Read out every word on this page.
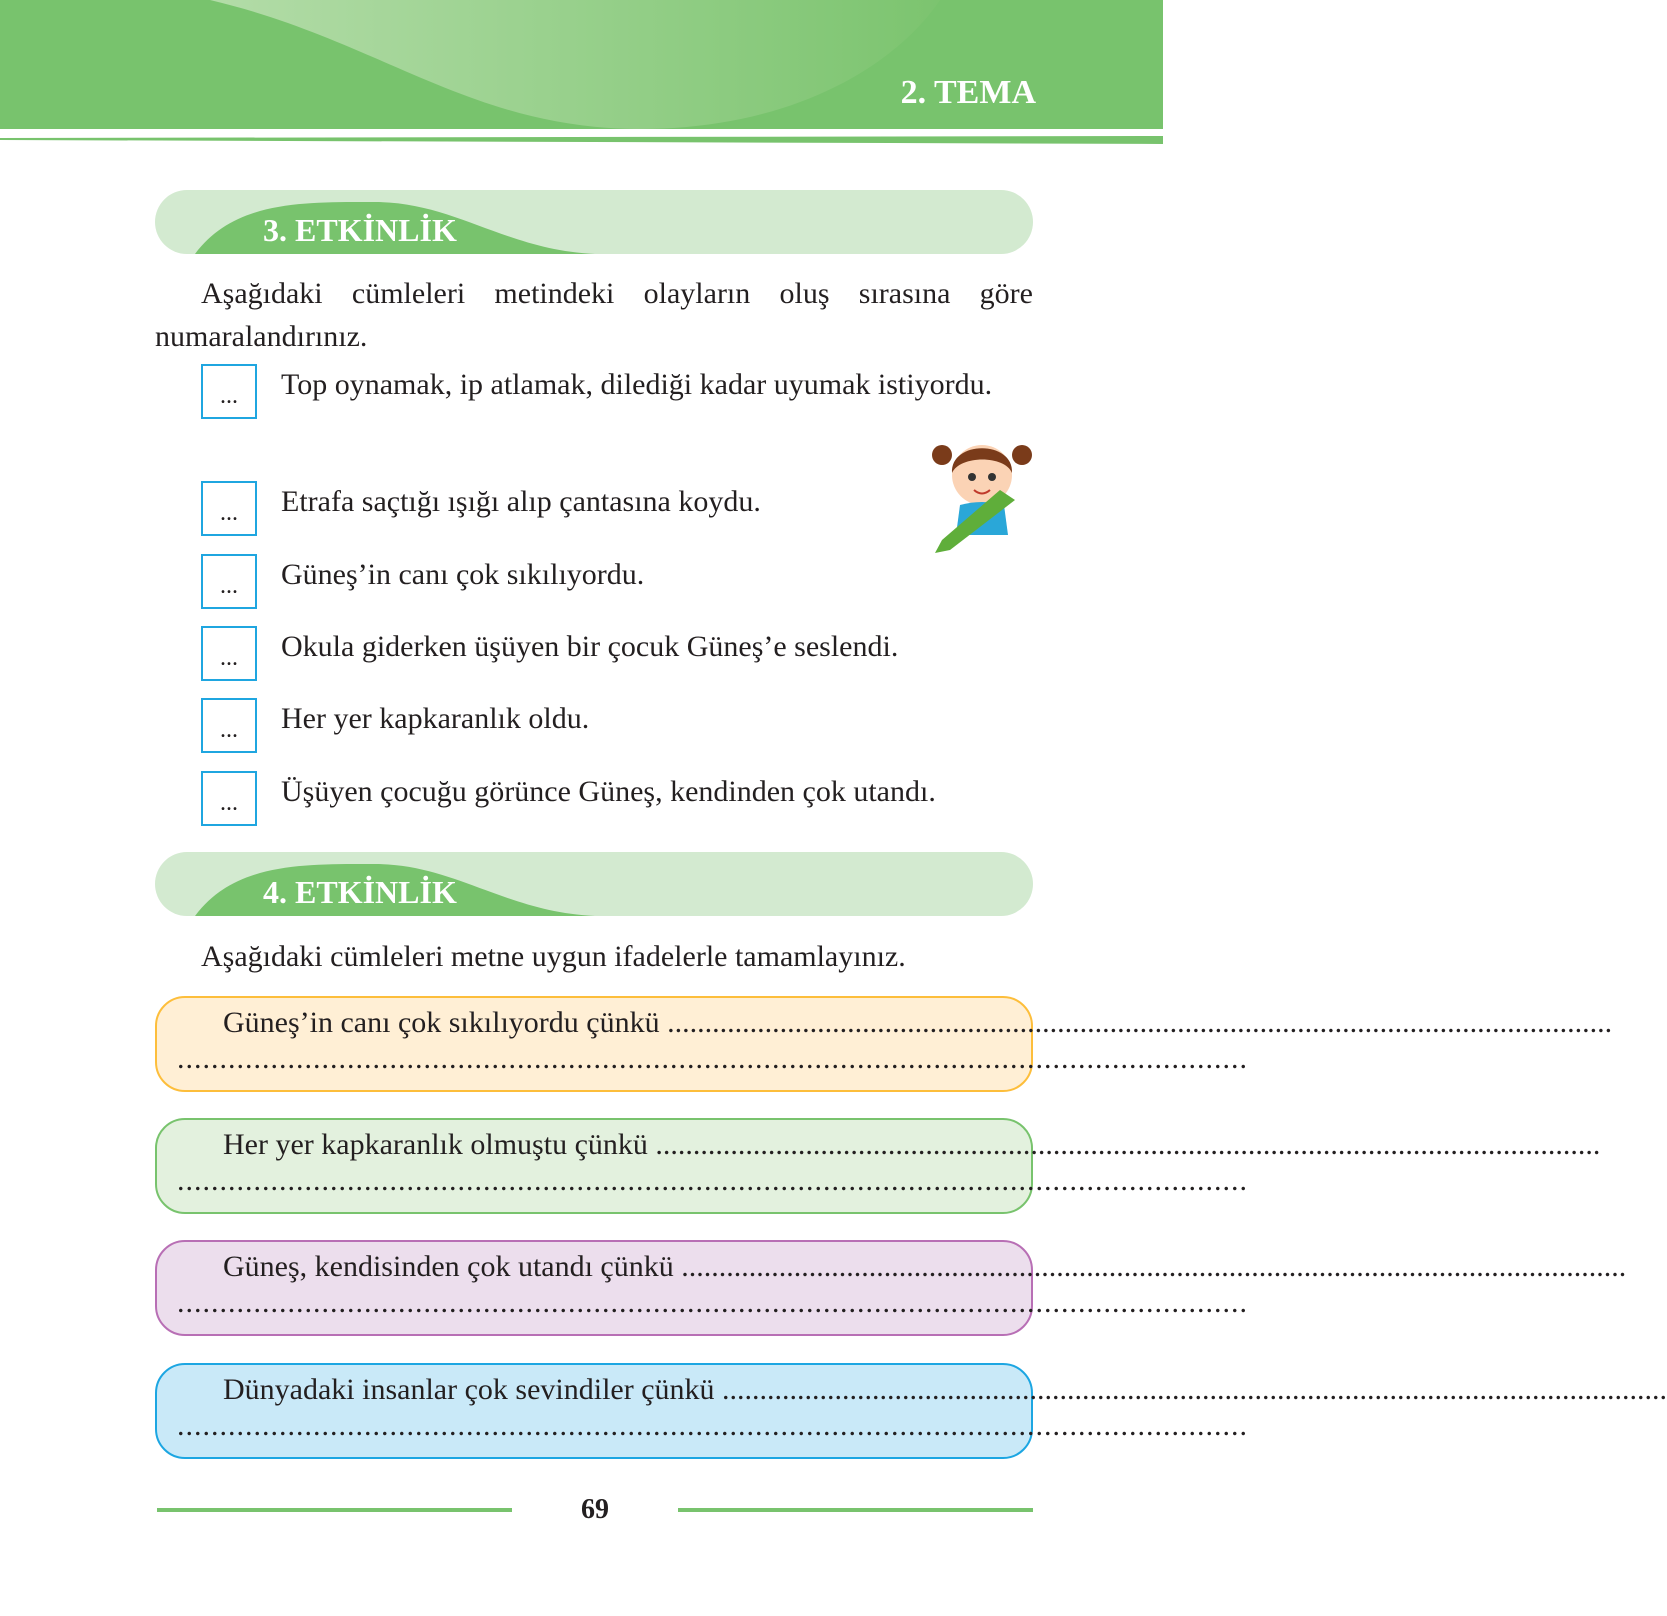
2. TEMA
3. ETKİNLİK
Aşağıdaki cümleleri metindeki olayların oluş sırasına göre numaralandırınız.
...	Top oynamak, ip atlamak, dilediği kadar uyumak istiyordu.
...	Etrafa saçtığı ışığı alıp çantasına koydu.
...	Güneş’in canı çok sıkılıyordu.
...	Okula giderken üşüyen bir çocuk Güneş’e seslendi.
...	Her yer kapkaranlık oldu.
...	Üşüyen çocuğu görünce Güneş, kendinden çok utandı.
4. ETKİNLİK
Aşağıdaki cümleleri metne uygun ifadelerle tamamlayınız.
Güneş’in canı çok sıkılıyordu çünkü ..............................................................................................................................
..............................................................................................................................
Her yer kapkaranlık olmuştu çünkü ..............................................................................................................................
..............................................................................................................................
Güneş, kendisinden çok utandı çünkü ..............................................................................................................................
..............................................................................................................................
Dünyadaki insanlar çok sevindiler çünkü ..............................................................................................................................
..............................................................................................................................
69
